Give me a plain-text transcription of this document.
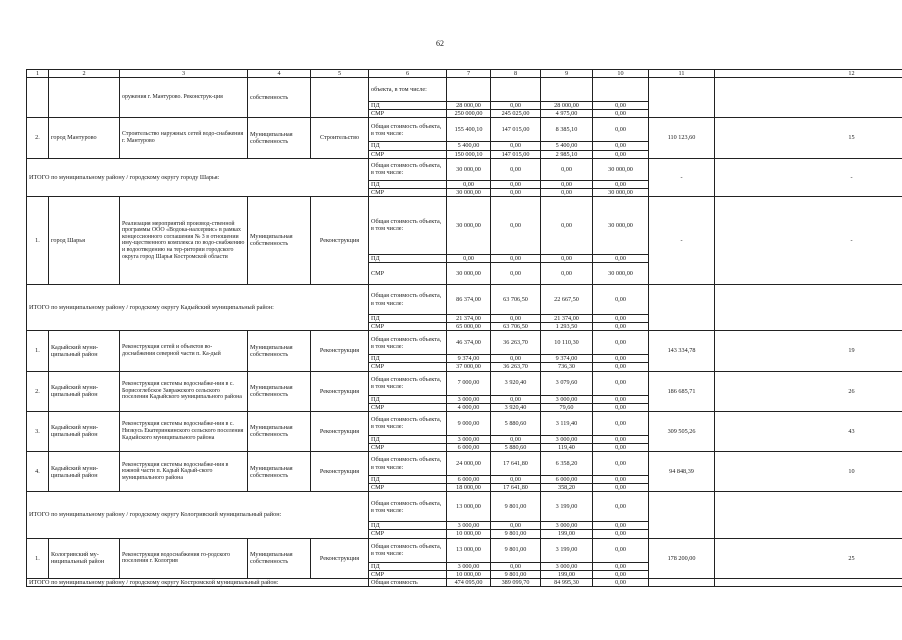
62
1	2	3	4	5	6	7	8	9	10	11	12
		оружения г. Мантурово. Реконструк-ция	собственность		объекта, в том числе:						
					ПД	28 000,00	0,00	28 000,00	0,00		
					СМР	250 000,00	245 025,00	4 975,00	0,00		
2.	город Мантурово	Строительство наружных сетей водо-снабжения г. Мантурово	Муниципальная собственность	Строительство	Общая стоимость объекта, в том числе:	155 400,10	147 015,00	8 385,10	0,00	110 123,60	15
					ПД	5 400,00	0,00	5 400,00	0,00		
					СМР	150 000,10	147 015,00	2 985,10	0,00		
ИТОГО по муниципальному району / городскому округу городу Шарья:					Общая стоимость объекта, в том числе:	30 000,00	0,00	0,00	30 000,00	-	-
					ПД	0,00	0,00	0,00	0,00		
					СМР	30 000,00	0,00	0,00	30 000,00		
1.	город Шарья	Реализация мероприятий производ-ственной программы ООО «Водока-налсервис» в рамках концессионного соглашения № 3 в отношении иму-щественного комплекса по водо-снабжению и водоотведению на тер-ритории городского округа город Шарья Костромской области	Муниципальная собственность	Реконструкция	Общая стоимость объекта, в том числе:	30 000,00	0,00	0,00	30 000,00	-	-
					ПД	0,00	0,00	0,00	0,00		
					СМР	30 000,00	0,00	0,00	30 000,00		
ИТОГО по муниципальному району / городскому округу Кадыйский муниципальный район:					Общая стоимость объекта, в том числе:	86 374,00	63 706,50	22 667,50	0,00		
					ПД	21 374,00	0,00	21 374,00	0,00		
					СМР	65 000,00	63 706,50	1 293,50	0,00		
1.	Кадыйский муни-ципальный район	Реконструкция сетей и объектов во-доснабжения северной части п. Ка-дый	Муниципальная собственность	Реконструкция	Общая стоимость объекта, в том числе:	46 374,00	36 263,70	10 110,30	0,00	143 334,78	19
					ПД	9 374,00	0,00	9 374,00	0,00		
					СМР	37 000,00	36 263,70	736,30	0,00		
2.	Кадыйский муни-ципальный район	Реконструкция системы водоснабже-ния в с. Борисоглебское Завражского сельского поселения Кадыйского муниципального района	Муниципальная собственность	Реконструкция	Общая стоимость объекта, в том числе:	7 000,00	3 920,40	3 079,60	0,00	186 685,71	26
					ПД	3 000,00	0,00	3 000,00	0,00		
					СМР	4 000,00	3 920,40	79,60	0,00		
3.	Кадыйский муни-ципальный район	Реконструкция системы водоснабже-ния в с. Низкусь Екатеринкинского сельского поселения Кадыйского муниципального района	Муниципальная собственность	Реконструкция	Общая стоимость объекта, в том числе:	9 000,00	5 880,60	3 119,40	0,00	309 505,26	43
					ПД	3 000,00	0,00	3 000,00	0,00		
					СМР	6 000,00	5 880,60	119,40	0,00		
4.	Кадыйский муни-ципальный район	Реконструкция системы водоснабже-ния в южной части п. Кадый Кадый-ского муниципального района	Муниципальная собственность	Реконструкция	Общая стоимость объекта, в том числе:	24 000,00	17 641,80	6 358,20	0,00	94 848,39	10
					ПД	6 000,00	0,00	6 000,00	0,00		
					СМР	18 000,00	17 641,80	358,20	0,00		
ИТОГО по муниципальному району / городскому округу Кологривский муниципальный район:					Общая стоимость объекта, в том числе:	13 000,00	9 801,00	3 199,00	0,00		
					ПД	3 000,00	0,00	3 000,00	0,00		
					СМР	10 000,00	9 801,00	199,00	0,00		
1.	Кологривский му-ниципальный район	Реконструкция водоснабжения го-родского поселения г. Кологрив	Муниципальная собственность	Реконструкция	Общая стоимость объекта, в том числе:	13 000,00	9 801,00	3 199,00	0,00	178 200,00	25
					ПД	3 000,00	0,00	3 000,00	0,00		
					СМР	10 000,00	9 801,00	199,00	0,00		
ИТОГО по муниципальному району / городскому округу Костромской муниципальный район:					Общая стоимость	474 095,00	389 099,70	84 995,30	0,00		
